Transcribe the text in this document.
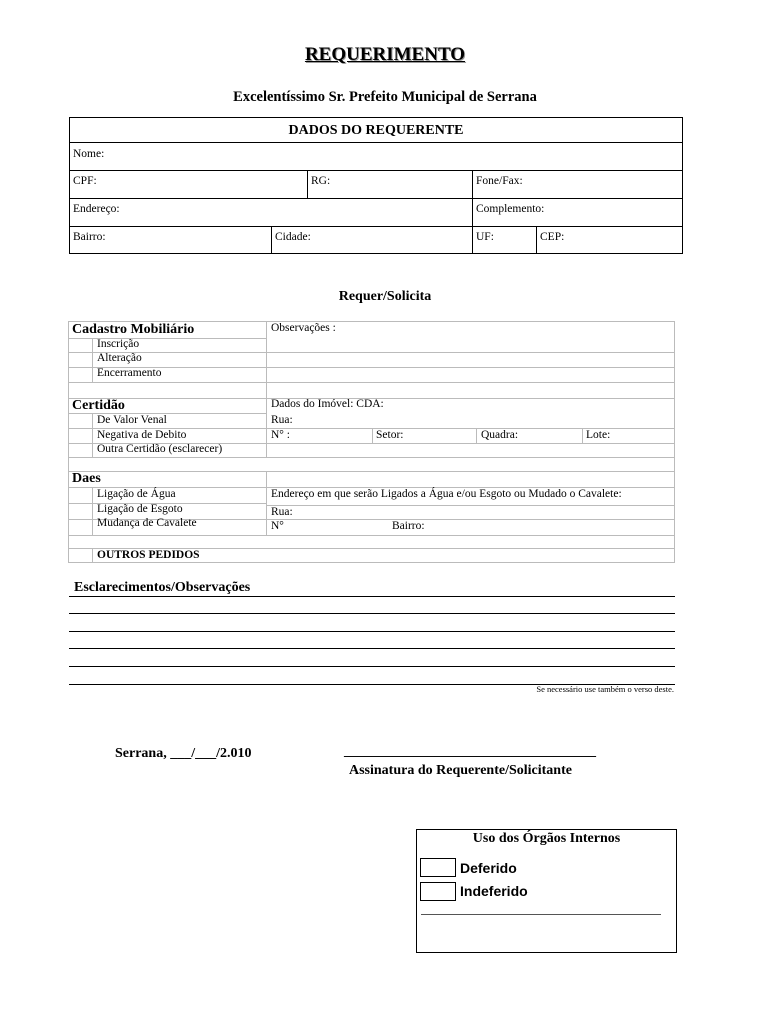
REQUERIMENTO
Excelentíssimo Sr. Prefeito Municipal de Serrana
DADOS DO REQUERENTE
Nome:
CPF:	RG:	Fone/Fax:
Endereço:	Complemento:
Bairro:	Cidade:	UF:	CEP:
Requer/Solicita
Cadastro Mobiliário	Observações :
Inscrição
Alteração
Encerramento
Certidão	Dados do Imóvel: CDA:
De Valor Venal	Rua:
Negativa de Debito	N° :	Setor:	Quadra:	Lote:
Outra Certidão (esclarecer)
Daes
Ligação de Água	Endereço em que serão Ligados a Água e/ou Esgoto ou Mudado o Cavalete:
Ligação de Esgoto	Rua:
Mudança de Cavalete	N°	Bairro:
OUTROS PEDIDOS
Esclarecimentos/Observações
Se necessário use também o verso deste.
Serrana, ___/___/2.010	____________________________________
Assinatura do Requerente/Solicitante
Uso dos Órgãos Internos
Deferido
Indeferido
